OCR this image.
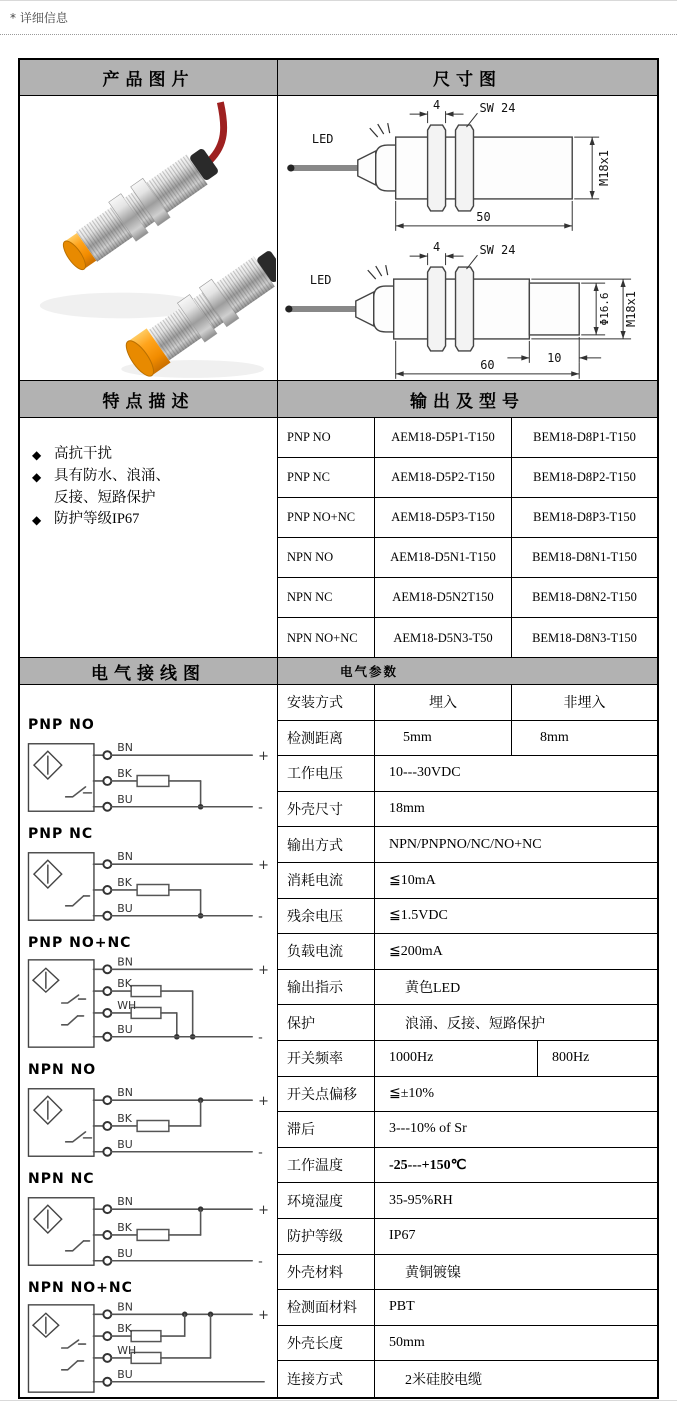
* 详细信息
产品图片	尺寸图
LED
4	SW 24
M18x1
50
LED
4	SW 24
Φ16.6 M18x1
10
60
特点描述	输出及型号
◆ 高抗干扰
◆ 具有防水、浪涌、反接、短路保护
◆ 防护等级IP67
PNP NO	AEM18-D5P1-T150	BEM18-D8P1-T150
PNP NC	AEM18-D5P2-T150	BEM18-D8P2-T150
PNP NO+NC	AEM18-D5P3-T150	BEM18-D8P3-T150
NPN NO	AEM18-D5N1-T150	BEM18-D8N1-T150
NPN NC	AEM18-D5N2T150	BEM18-D8N2-T150
NPN NO+NC	AEM18-D5N3-T50	BEM18-D8N3-T150
电气接线图	电气参数
PNP NO
BN
+
BK
BU
-
PNP NC
BN
+
BK
BU
-
PNP NO+NC
BN
+
BK
WH
BU
-
NPN NO
BN
+
BK
BU
-
NPN NC
BN
+
BK
BU
-
NPN NO+NC
BN
+
BK
WH
BU
安装方式	埋入	非埋入
检测距离	5mm	8mm
工作电压	10---30VDC
外壳尺寸	18mm
输出方式	NPN/PNPNO/NC/NO+NC
消耗电流	≦10mA
残余电压	≦1.5VDC
负载电流	≦200mA
输出指示	黄色LED
保护	浪涌、反接、短路保护
开关频率	1000Hz	800Hz
开关点偏移	≦±10%
滞后	3---10% of Sr
工作温度	-25---+150℃
环境湿度	35-95%RH
防护等级	IP67
外壳材料	黄铜镀镍
检测面材料	PBT
外壳长度	50mm
连接方式	2米硅胶电缆
